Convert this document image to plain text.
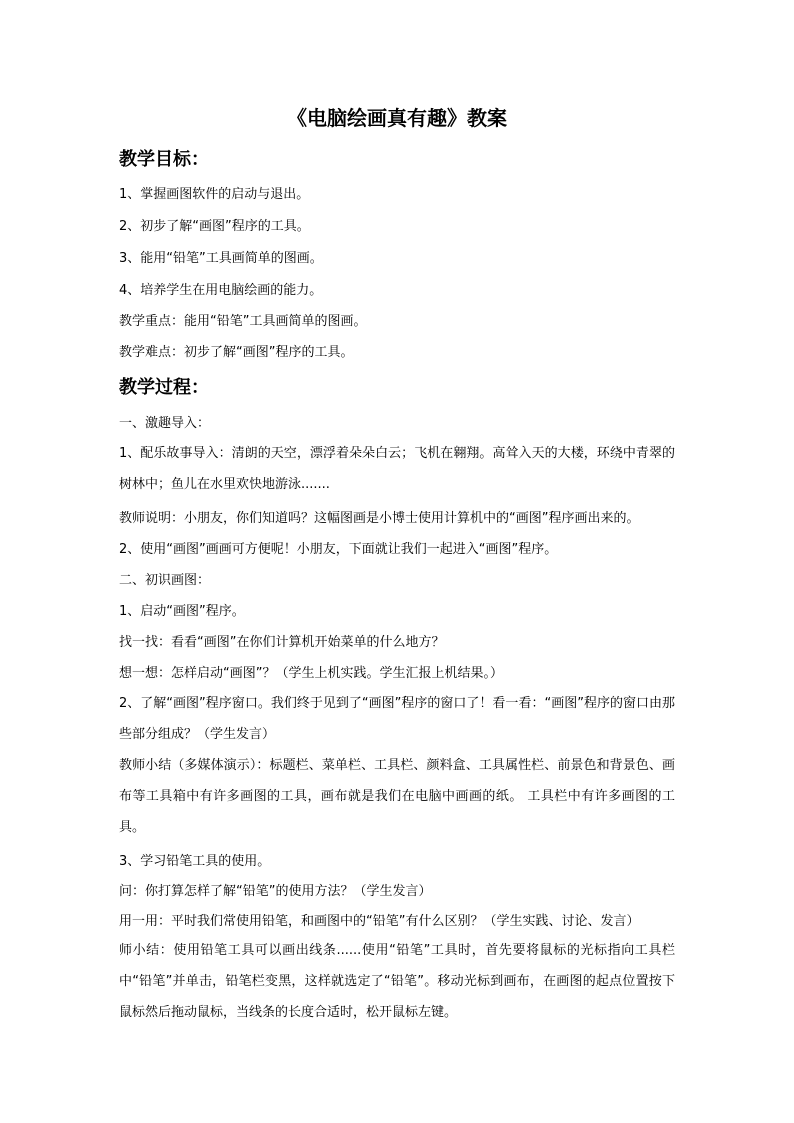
《电脑绘画真有趣》教案
教学目标：
1、掌握画图软件的启动与退出。
2、初步了解“画图”程序的工具。
3、能用“铅笔”工具画简单的图画。
4、培养学生在用电脑绘画的能力。
教学重点：能用“铅笔”工具画简单的图画。
教学难点：初步了解“画图”程序的工具。
教学过程：
一、激趣导入：
1、配乐故事导入：清朗的天空，漂浮着朵朵白云；飞机在翱翔。高耸入天的大楼，环绕中青翠的树林中；鱼儿在水里欢快地游泳.......
教师说明：小朋友，你们知道吗？这幅图画是小博士使用计算机中的“画图”程序画出来的。
2、使用“画图”画画可方便呢！小朋友，下面就让我们一起进入“画图”程序。
二、初识画图：
1、启动“画图”程序。
找一找：看看“画图”在你们计算机开始菜单的什么地方？
想一想：怎样启动“画图”？（学生上机实践。学生汇报上机结果。）
2、了解“画图”程序窗口。我们终于见到了“画图”程序的窗口了！看一看：“画图”程序的窗口由那些部分组成？（学生发言）
教师小结（多媒体演示）：标题栏、菜单栏、工具栏、颜料盒、工具属性栏、前景色和背景色、画布等工具箱中有许多画图的工具，画布就是我们在电脑中画画的纸。 工具栏中有许多画图的工具。
3、学习铅笔工具的使用。
问：你打算怎样了解“铅笔”的使用方法？（学生发言）
用一用：平时我们常使用铅笔，和画图中的“铅笔”有什么区别？（学生实践、讨论、发言）
师小结：使用铅笔工具可以画出线条......使用“铅笔”工具时，首先要将鼠标的光标指向工具栏中“铅笔”并单击，铅笔栏变黑，这样就选定了“铅笔”。移动光标到画布，在画图的起点位置按下鼠标然后拖动鼠标，当线条的长度合适时，松开鼠标左键。
